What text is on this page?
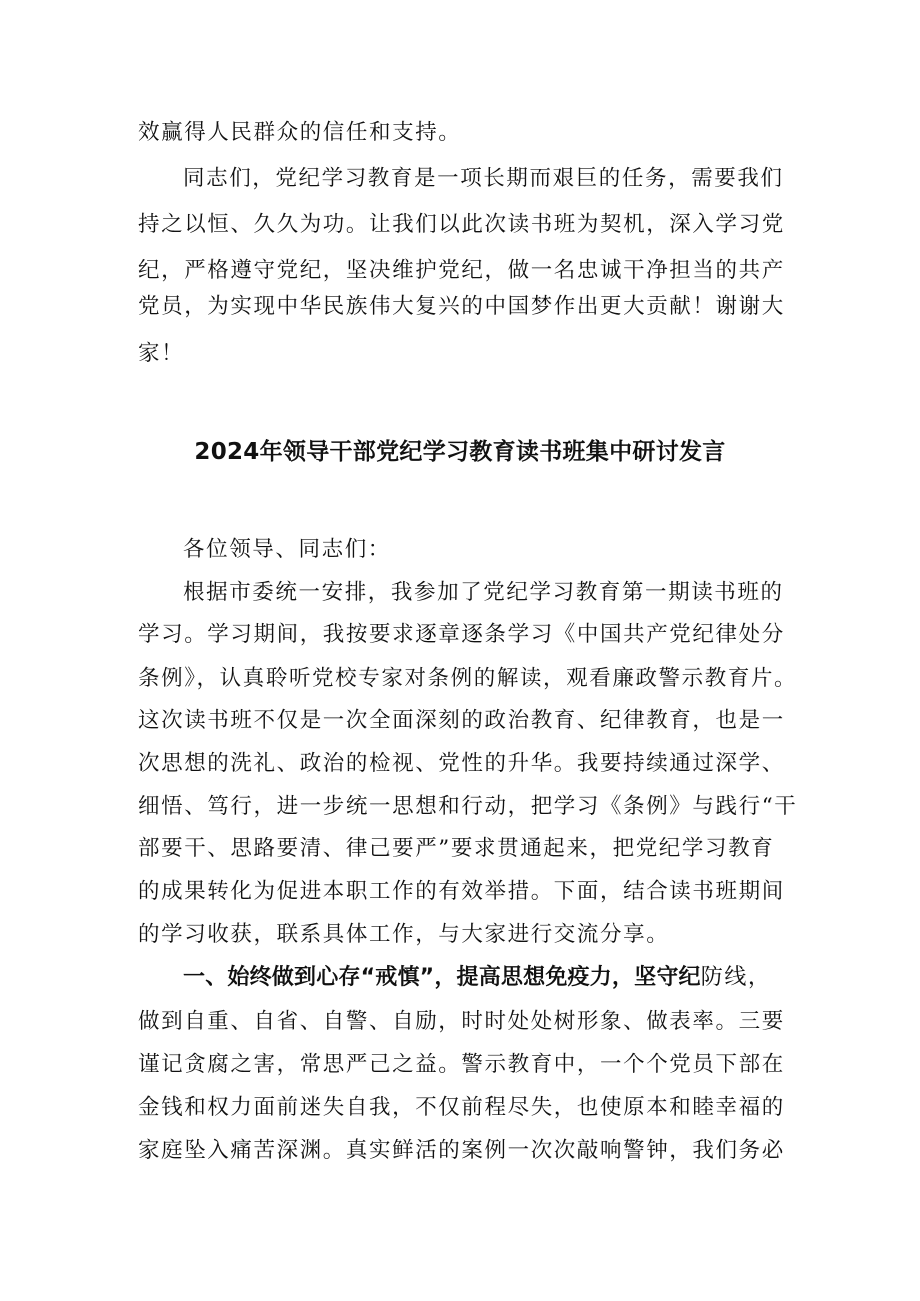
效赢得人民群众的信任和支持。
同志们，党纪学习教育是一项长期而艰巨的任务，需要我们
持之以恒、久久为功。让我们以此次读书班为契机，深入学习党
纪，严格遵守党纪，坚决维护党纪，做一名忠诚干净担当的共产
党员，为实现中华民族伟大复兴的中国梦作出更大贡献！谢谢大
家！
2024年领导干部党纪学习教育读书班集中研讨发言
各位领导、同志们：
根据市委统一安排，我参加了党纪学习教育第一期读书班的
学习。学习期间，我按要求逐章逐条学习《中国共产党纪律处分
条例》，认真聆听党校专家对条例的解读，观看廉政警示教育片。
这次读书班不仅是一次全面深刻的政治教育、纪律教育，也是一
次思想的洗礼、政治的检视、党性的升华。我要持续通过深学、
细悟、笃行，进一步统一思想和行动，把学习《条例》与践行“干
部要干、思路要清、律己要严”要求贯通起来，把党纪学习教育
的成果转化为促进本职工作的有效举措。下面，结合读书班期间
的学习收获，联系具体工作，与大家进行交流分享。
一、始终做到心存“戒慎”，提高思想免疫力，坚守纪防线，
做到自重、自省、自警、自励，时时处处树形象、做表率。三要
谨记贪腐之害，常思严己之益。警示教育中，一个个党员下部在
金钱和权力面前迷失自我，不仅前程尽失，也使原本和睦幸福的
家庭坠入痛苦深渊。真实鲜活的案例一次次敲响警钟，我们务必
